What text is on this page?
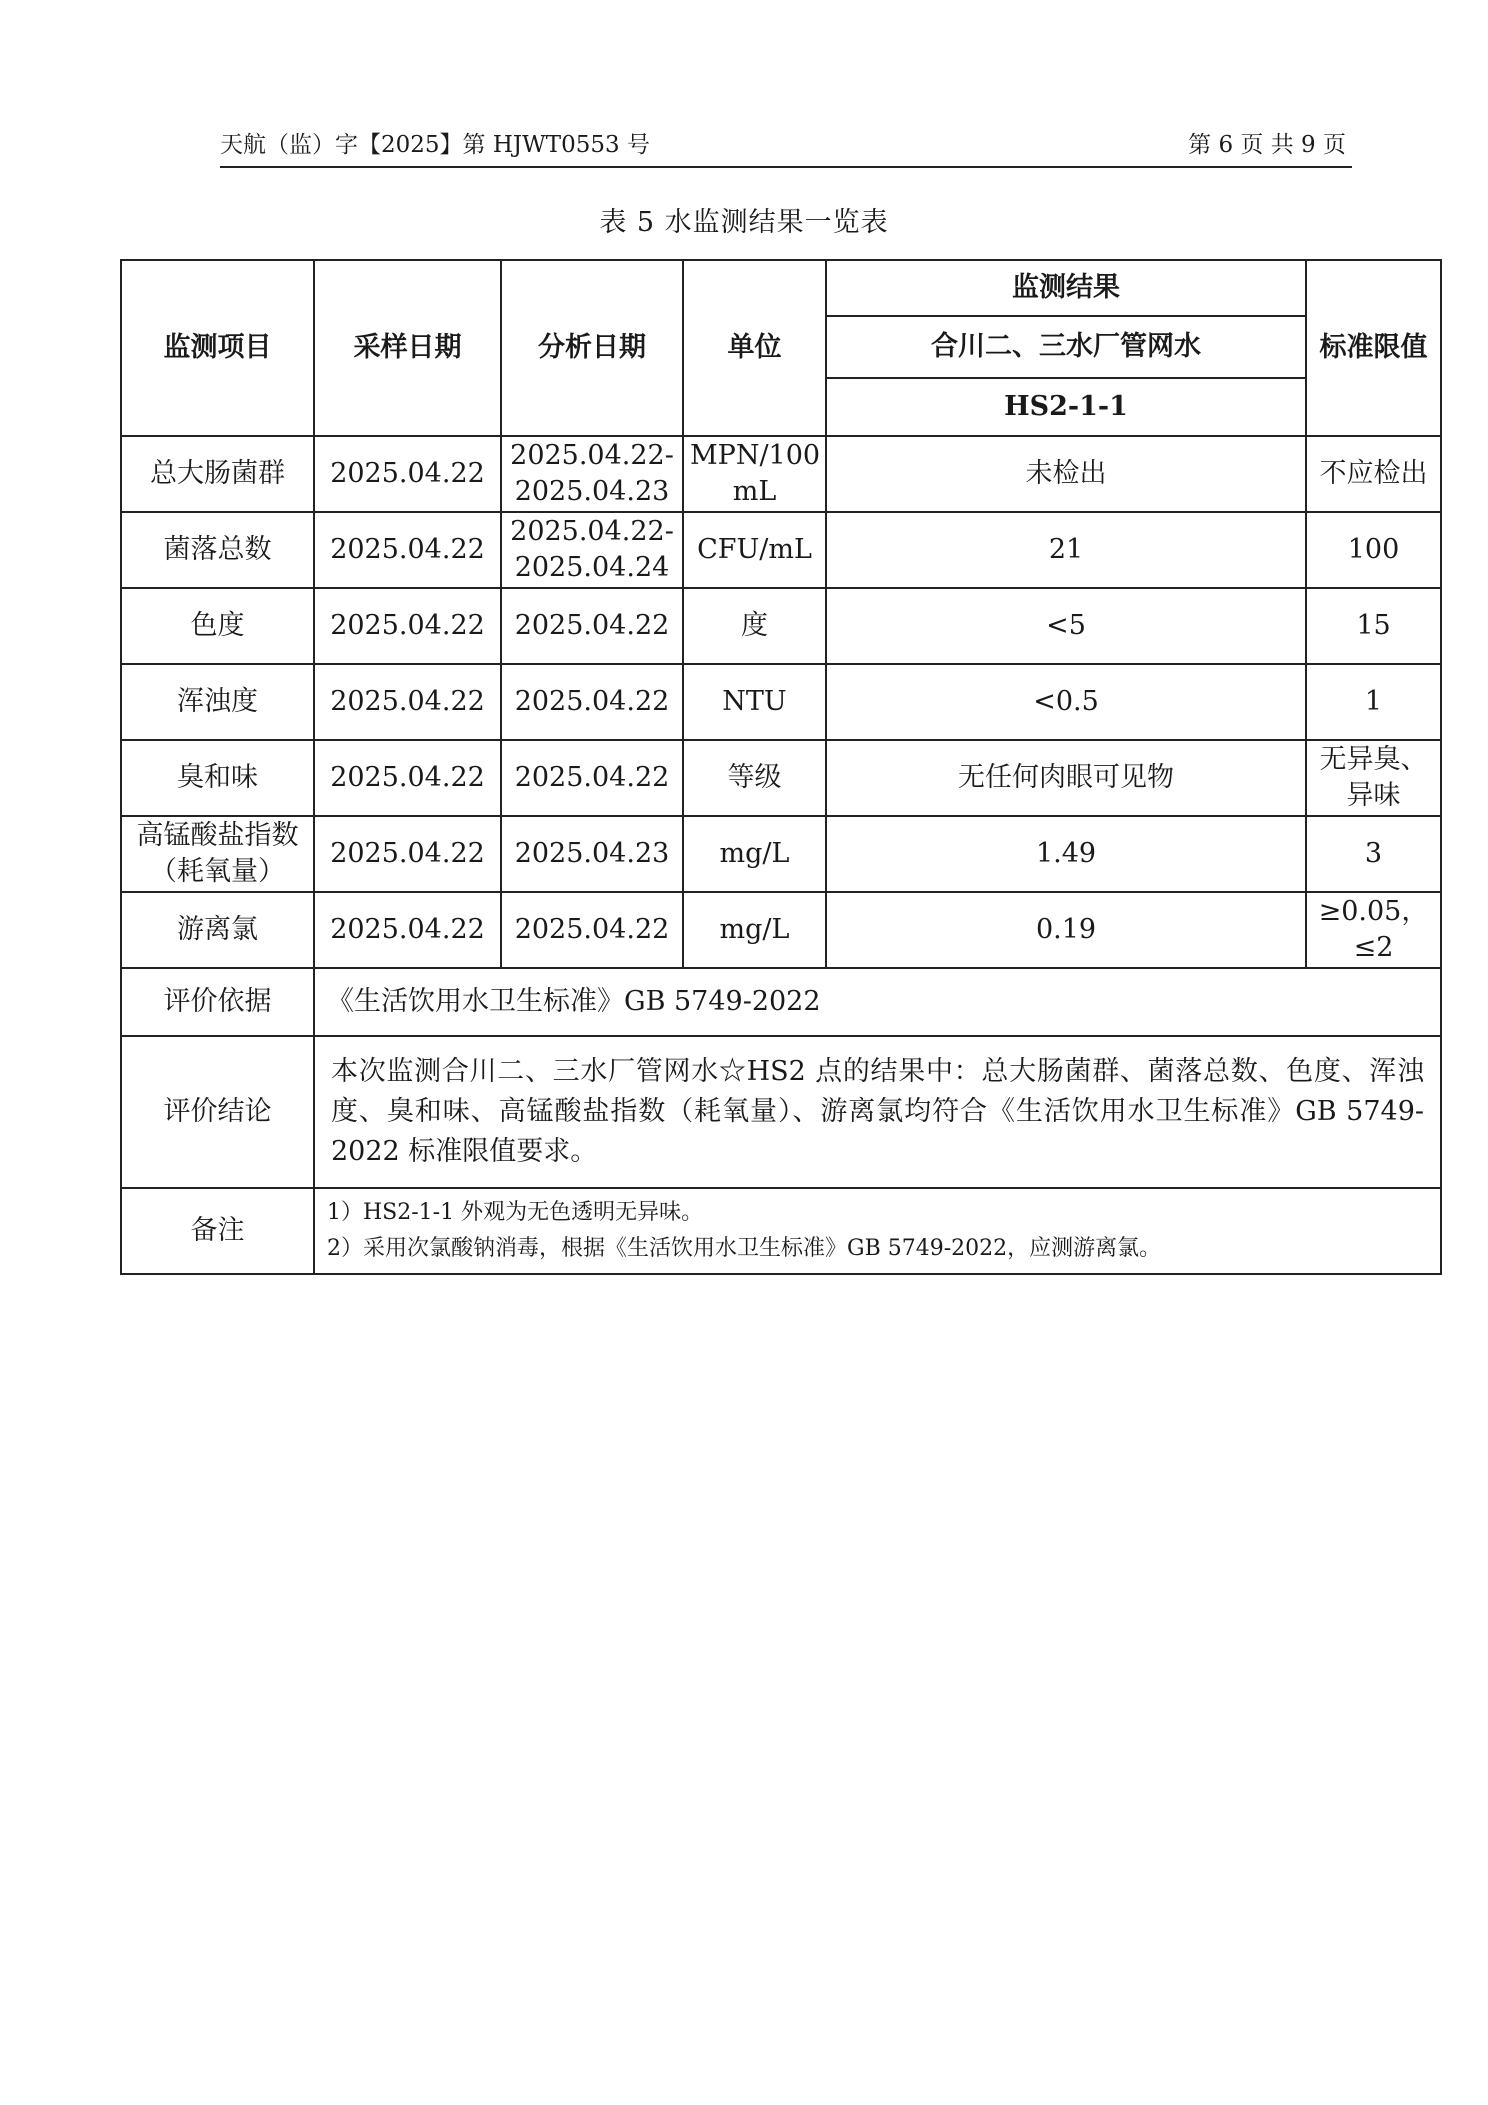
天航（监）字【2025】第 HJWT0553 号	第 6 页 共 9 页
表 5 水监测结果一览表
监测项目	采样日期	分析日期	单位	监测结果	标准限值
				合川二、三水厂管网水	
				HS2-1-1	
总大肠菌群	2025.04.22	2025.04.22-2025.04.23	MPN/100 mL	未检出	不应检出
菌落总数	2025.04.22	2025.04.22-2025.04.24	CFU/mL	21	100
色度	2025.04.22	2025.04.22	度	<5	15
浑浊度	2025.04.22	2025.04.22	NTU	<0.5	1
臭和味	2025.04.22	2025.04.22	等级	无任何肉眼可见物	无异臭、异味
高锰酸盐指数（耗氧量）	2025.04.22	2025.04.23	mg/L	1.49	3
游离氯	2025.04.22	2025.04.22	mg/L	0.19	≥0.05，≤2
评价依据	《生活饮用水卫生标准》GB 5749-2022				
评价结论	本次监测合川二、三水厂管网水☆HS2 点的结果中：总大肠菌群、菌落总数、色度、浑浊度、臭和味、高锰酸盐指数（耗氧量）、游离氯均符合《生活饮用水卫生标准》GB 5749-2022 标准限值要求。				
备注	1）HS2-1-1 外观为无色透明无异味。
2）采用次氯酸钠消毒，根据《生活饮用水卫生标准》GB 5749-2022，应测游离氯。				
